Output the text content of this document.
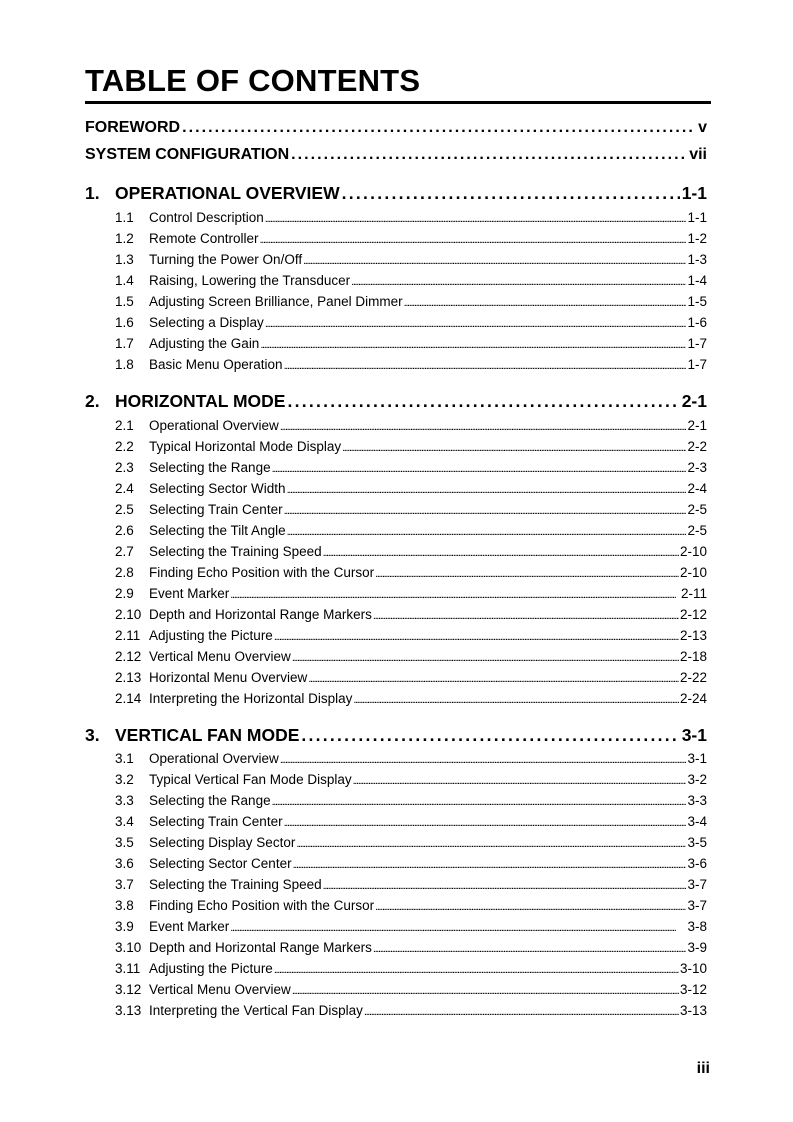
TABLE OF CONTENTS
FOREWORD . . .	v
SYSTEM CONFIGURATION . . .	vii
1. OPERATIONAL OVERVIEW . . .	1-1
1.1 Control Description . . .	1-1
1.2 Remote Controller . . .	1-2
1.3 Turning the Power On/Off . . .	1-3
1.4 Raising, Lowering the Transducer . . .	1-4
1.5 Adjusting Screen Brilliance, Panel Dimmer . . .	1-5
1.6 Selecting a Display . . .	1-6
1.7 Adjusting the Gain . . .	1-7
1.8 Basic Menu Operation . . .	1-7
2. HORIZONTAL MODE . . .	2-1
2.1 Operational Overview . . .	2-1
2.2 Typical Horizontal Mode Display . . .	2-2
2.3 Selecting the Range . . .	2-3
2.4 Selecting Sector Width . . .	2-4
2.5 Selecting Train Center . . .	2-5
2.6 Selecting the Tilt Angle . . .	2-5
2.7 Selecting the Training Speed . . .	2-10
2.8 Finding Echo Position with the Cursor . . .	2-10
2.9 Event Marker . . .	2-11
2.10 Depth and Horizontal Range Markers . . .	2-12
2.11 Adjusting the Picture . . .	2-13
2.12 Vertical Menu Overview . . .	2-18
2.13 Horizontal Menu Overview . . .	2-22
2.14 Interpreting the Horizontal Display . . .	2-24
3. VERTICAL FAN MODE . . .	3-1
3.1 Operational Overview . . .	3-1
3.2 Typical Vertical Fan Mode Display . . .	3-2
3.3 Selecting the Range . . .	3-3
3.4 Selecting Train Center . . .	3-4
3.5 Selecting Display Sector . . .	3-5
3.6 Selecting Sector Center . . .	3-6
3.7 Selecting the Training Speed . . .	3-7
3.8 Finding Echo Position with the Cursor . . .	3-7
3.9 Event Marker . . .	3-8
3.10 Depth and Horizontal Range Markers . . .	3-9
3.11 Adjusting the Picture . . .	3-10
3.12 Vertical Menu Overview . . .	3-12
3.13 Interpreting the Vertical Fan Display . . .	3-13
iii
